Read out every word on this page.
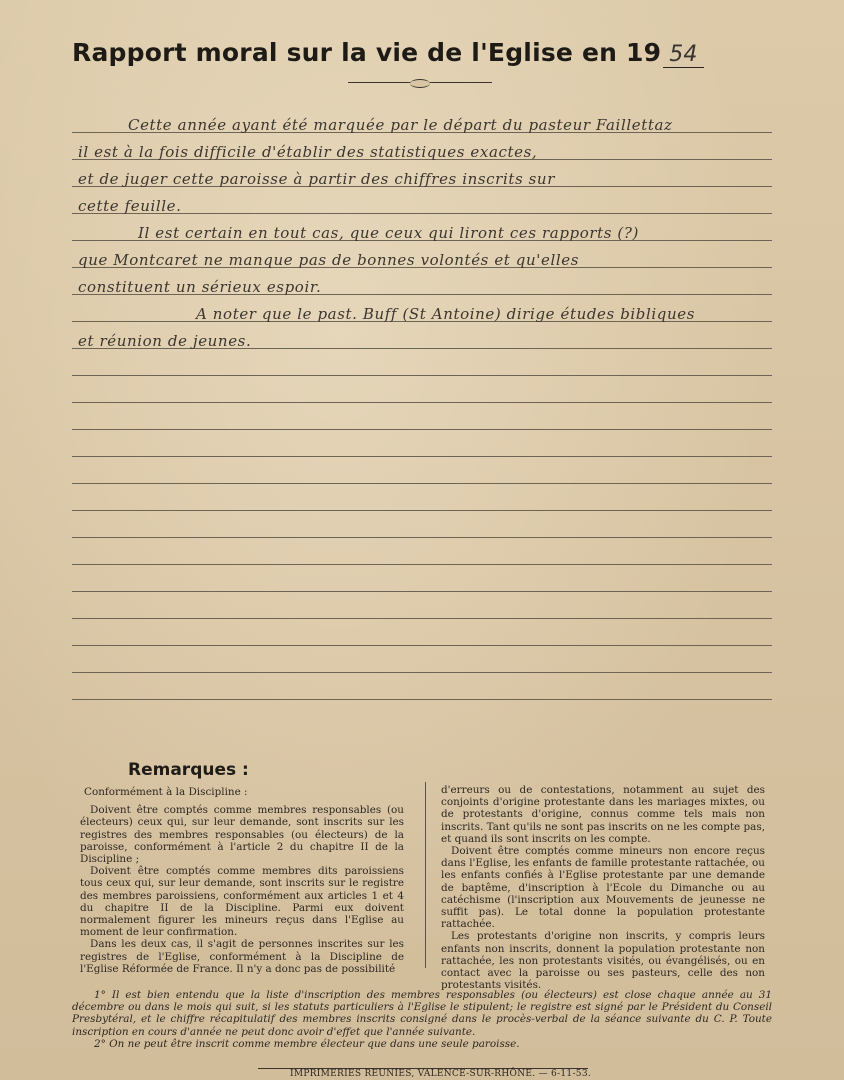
Rapport moral sur la vie de l'Eglise en 19 54
Cette année ayant été marquée par le départ du pasteur Faillettaz
il est à la fois difficile d'établir des statistiques exactes,
et de juger cette paroisse à partir des chiffres inscrits sur
cette feuille.
Il est certain en tout cas, que ceux qui liront ces rapports (?)
que Montcaret ne manque pas de bonnes volontés et qu'elles
constituent un sérieux espoir.
A noter que le past. Buff (St Antoine) dirige études bibliques
et réunion de jeunes.
Remarques :

Conformément à la Discipline :

Doivent être comptés comme membres responsables (ou électeurs) ceux qui, sur leur demande, sont inscrits sur les registres des membres responsables (ou électeurs) de la paroisse, conformément à l'article 2 du chapitre II de la Discipline ;

Doivent être comptés comme membres dits paroissiens tous ceux qui, sur leur demande, sont inscrits sur le registre des membres paroissiens, conformément aux articles 1 et 4 du chapitre II de la Discipline. Parmi eux doivent normalement figurer les mineurs reçus dans l'Eglise au moment de leur confirmation.

Dans les deux cas, il s'agit de personnes inscrites sur les registres de l'Eglise, conformément à la Discipline de l'Eglise Réformée de France. Il n'y a donc pas de possibilité

d'erreurs ou de contestations, notamment au sujet des conjoints d'origine protestante dans les mariages mixtes, ou de protestants d'origine, connus comme tels mais non inscrits. Tant qu'ils ne sont pas inscrits on ne les compte pas, et quand ils sont inscrits on les compte.

Doivent être comptés comme mineurs non encore reçus dans l'Eglise, les enfants de famille protestante rattachée, ou les enfants confiés à l'Eglise protestante par une demande de baptême, d'inscription à l'Ecole du Dimanche ou au catéchisme (l'inscription aux Mouvements de jeunesse ne suffit pas). Le total donne la population protestante rattachée.

Les protestants d'origine non inscrits, y compris leurs enfants non inscrits, donnent la population protestante non rattachée, les non protestants visités, ou évangélisés, ou en contact avec la paroisse ou ses pasteurs, celle des non protestants visités.

1° Il est bien entendu que la liste d'inscription des membres responsables (ou électeurs) est close chaque année au 31 décembre ou dans le mois qui suit, si les statuts particuliers à l'Eglise le stipulent; le registre est signé par le Président du Conseil Presbytéral, et le chiffre récapitulatif des membres inscrits consigné dans le procès-verbal de la séance suivante du C. P. Toute inscription en cours d'année ne peut donc avoir d'effet que l'année suivante.

2° On ne peut être inscrit comme membre électeur que dans une seule paroisse.

IMPRIMERIES REUNIES, VALENCE-SUR-RHÔNE. — 6-11-53.
